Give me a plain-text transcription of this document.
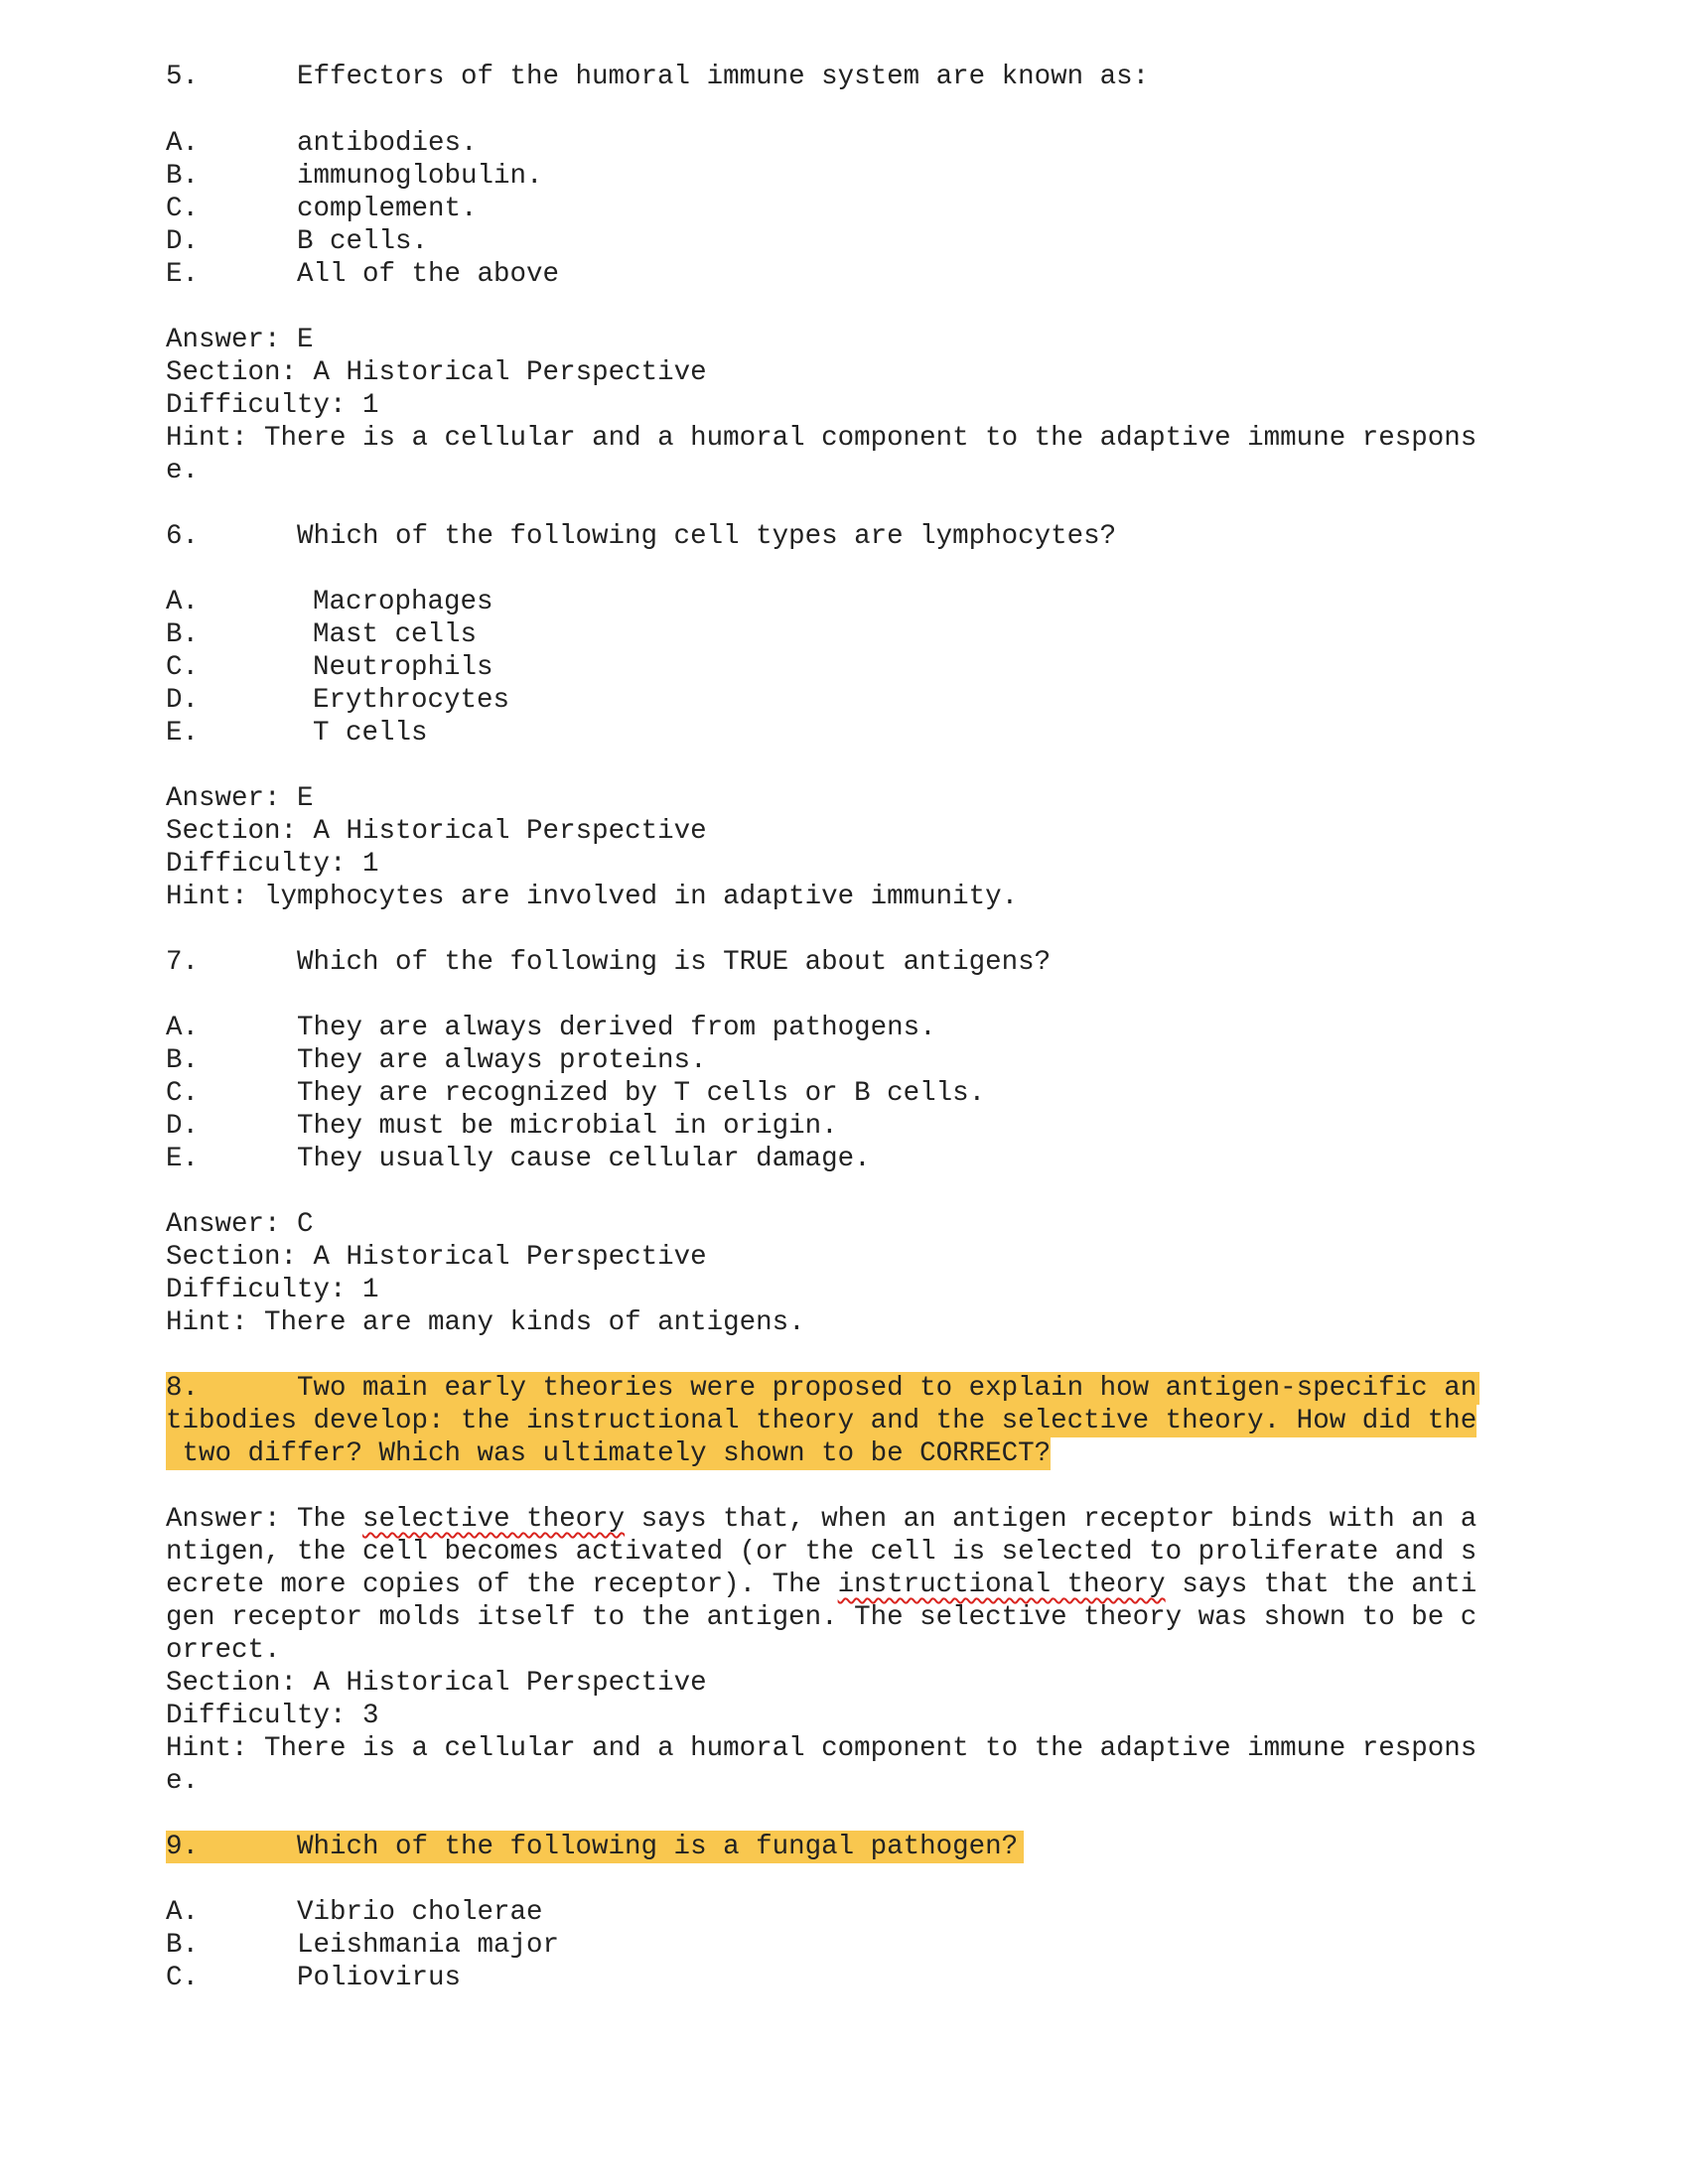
5.	Effectors of the humoral immune system are known as:
A.	antibodies.
B.	immunoglobulin.
C.	complement.
D.	B cells.
E.	All of the above
Answer: E
Section: A Historical Perspective
Difficulty: 1
Hint: There is a cellular and a humoral component to the adaptive immune respons
e.
6.	Which of the following cell types are lymphocytes?
A.	Macrophages
B.	Mast cells
C.	Neutrophils
D.	Erythrocytes
E.	T cells
Answer: E
Section: A Historical Perspective
Difficulty: 1
Hint: lymphocytes are involved in adaptive immunity.
7.	Which of the following is TRUE about antigens?
A.	They are always derived from pathogens.
B.	They are always proteins.
C.	They are recognized by T cells or B cells.
D.	They must be microbial in origin.
E.	They usually cause cellular damage.
Answer: C
Section: A Historical Perspective
Difficulty: 1
Hint: There are many kinds of antigens.
8.	Two main early theories were proposed to explain how antigen-specific an
tibodies develop: the instructional theory and the selective theory. How did the
two differ? Which was ultimately shown to be CORRECT?
Answer: The selective theory says that, when an antigen receptor binds with an a
ntigen, the cell becomes activated (or the cell is selected to proliferate and s
ecrete more copies of the receptor). The instructional theory says that the anti
gen receptor molds itself to the antigen. The selective theory was shown to be c
orrect.
Section: A Historical Perspective
Difficulty: 3
Hint: There is a cellular and a humoral component to the adaptive immune respons
e.
9.	Which of the following is a fungal pathogen?
A.	Vibrio cholerae
B.	Leishmania major
C.	Poliovirus
